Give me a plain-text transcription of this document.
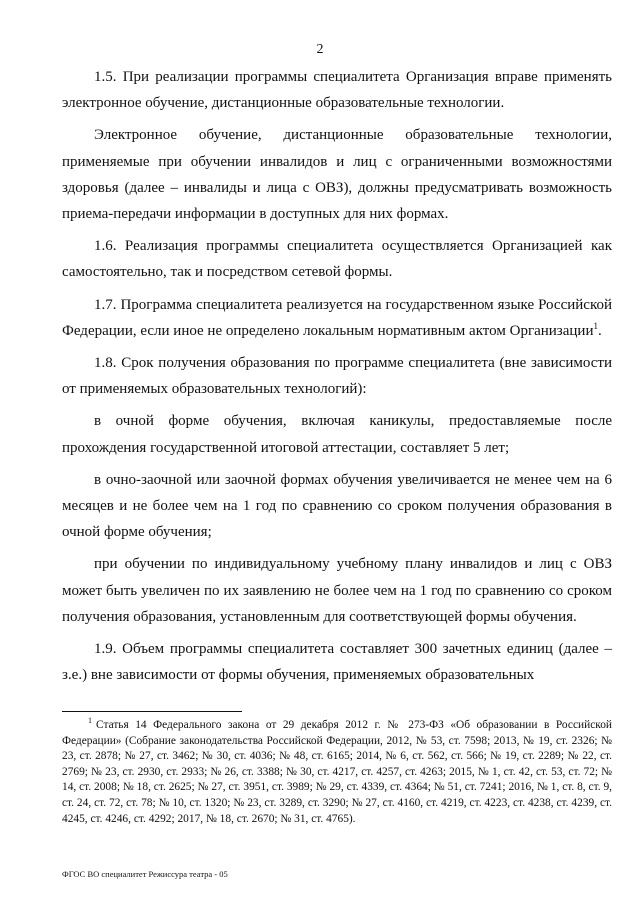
2

1.5. При реализации программы специалитета Организация вправе применять электронное обучение, дистанционные образовательные технологии.

Электронное обучение, дистанционные образовательные технологии, применяемые при обучении инвалидов и лиц с ограниченными возможностями здоровья (далее – инвалиды и лица с ОВЗ), должны предусматривать возможность приема-передачи информации в доступных для них формах.

1.6. Реализация программы специалитета осуществляется Организацией как самостоятельно, так и посредством сетевой формы.

1.7. Программа специалитета реализуется на государственном языке Российской Федерации, если иное не определено локальным нормативным актом Организации$^1$.

1.8. Срок получения образования по программе специалитета (вне зависимости от применяемых образовательных технологий):

в очной форме обучения, включая каникулы, предоставляемые после прохождения государственной итоговой аттестации, составляет 5 лет;

в очно-заочной или заочной формах обучения увеличивается не менее чем на 6 месяцев и не более чем на 1 год по сравнению со сроком получения образования в очной форме обучения;

при обучении по индивидуальному учебному плану инвалидов и лиц с ОВЗ может быть увеличен по их заявлению не более чем на 1 год по сравнению со сроком получения образования, установленным для соответствующей формы обучения.

1.9. Объем программы специалитета составляет 300 зачетных единиц (далее – з.е.) вне зависимости от формы обучения, применяемых образовательных

$^1$ Статья 14 Федерального закона от 29 декабря 2012 г. № 273-ФЗ «Об образовании в Российской Федерации» (Собрание законодательства Российской Федерации, 2012, № 53, ст. 7598; 2013, № 19, ст. 2326; № 23, ст. 2878; № 27, ст. 3462; № 30, ст. 4036; № 48, ст. 6165; 2014, № 6, ст. 562, ст. 566; № 19, ст. 2289; № 22, ст. 2769; № 23, ст. 2930, ст. 2933; № 26, ст. 3388; № 30, ст. 4217, ст. 4257, ст. 4263; 2015, № 1, ст. 42, ст. 53, ст. 72; № 14, ст. 2008; № 18, ст. 2625; № 27, ст. 3951, ст. 3989; № 29, ст. 4339, ст. 4364; № 51, ст. 7241; 2016, № 1, ст. 8, ст. 9, ст. 24, ст. 72, ст. 78; № 10, ст. 1320; № 23, ст. 3289, ст. 3290; № 27, ст. 4160, ст. 4219, ст. 4223, ст. 4238, ст. 4239, ст. 4245, ст. 4246, ст. 4292; 2017, № 18, ст. 2670; № 31, ст. 4765).

ФГОС ВО специалитет Режиссура театра - 05
